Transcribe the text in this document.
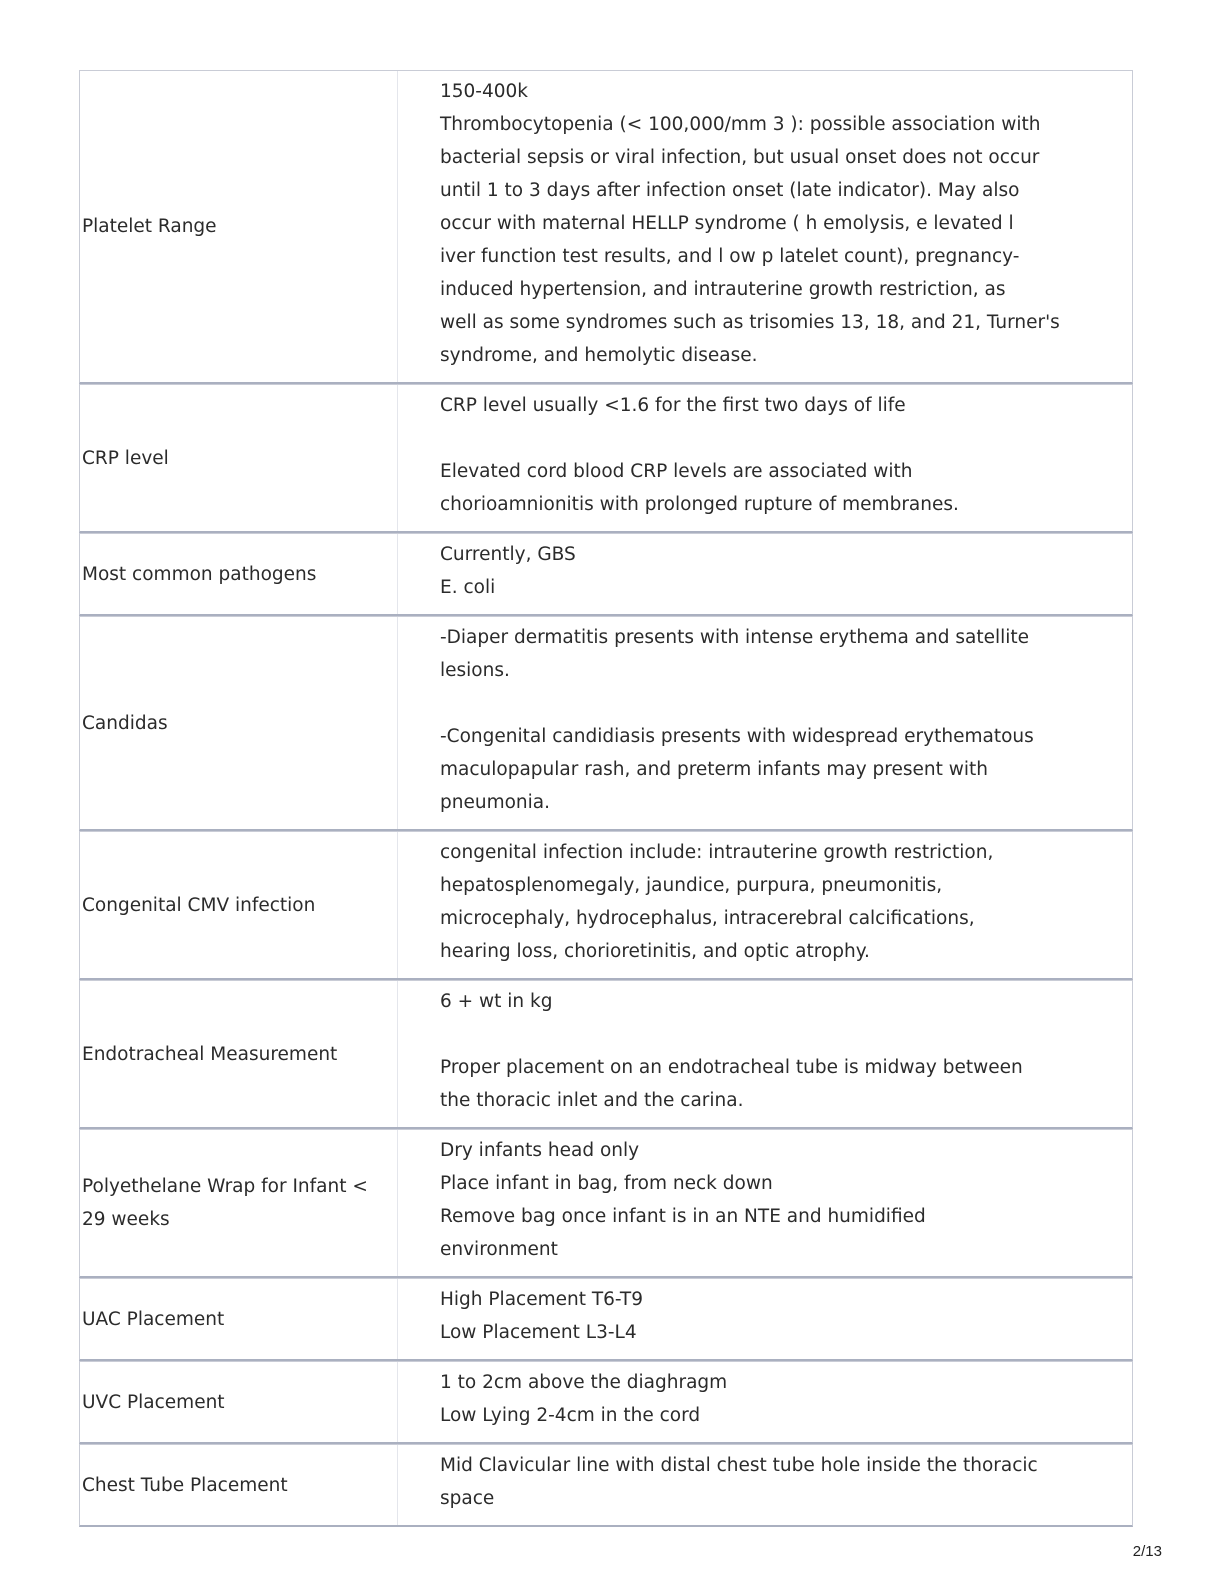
Platelet Range

150-400k
Thrombocytopenia (< 100,000/mm 3 ): possible association with
bacterial sepsis or viral infection, but usual onset does not occur
until 1 to 3 days after infection onset (late indicator). May also
occur with maternal HELLP syndrome ( h emolysis, e levated l
iver function test results, and l ow p latelet count), pregnancy-
induced hypertension, and intrauterine growth restriction, as
well as some syndromes such as trisomies 13, 18, and 21, Turner's
syndrome, and hemolytic disease.

CRP level

CRP level usually <1.6 for the first two days of life

Elevated cord blood CRP levels are associated with
chorioamnionitis with prolonged rupture of membranes.

Most common pathogens

Currently, GBS
E. coli

Candidas

-Diaper dermatitis presents with intense erythema and satellite
lesions.

-Congenital candidiasis presents with widespread erythematous
maculopapular rash, and preterm infants may present with
pneumonia.

Congenital CMV infection

congenital infection include: intrauterine growth restriction,
hepatosplenomegaly, jaundice, purpura, pneumonitis,
microcephaly, hydrocephalus, intracerebral calcifications,
hearing loss, chorioretinitis, and optic atrophy.

Endotracheal Measurement

6 + wt in kg

Proper placement on an endotracheal tube is midway between
the thoracic inlet and the carina.

Polyethelane Wrap for Infant <
29 weeks

Dry infants head only
Place infant in bag, from neck down
Remove bag once infant is in an NTE and humidified
environment

UAC Placement

High Placement T6-T9
Low Placement L3-L4

UVC Placement

1 to 2cm above the diaghragm
Low Lying 2-4cm in the cord

Chest Tube Placement

Mid Clavicular line with distal chest tube hole inside the thoracic
space

2/13
